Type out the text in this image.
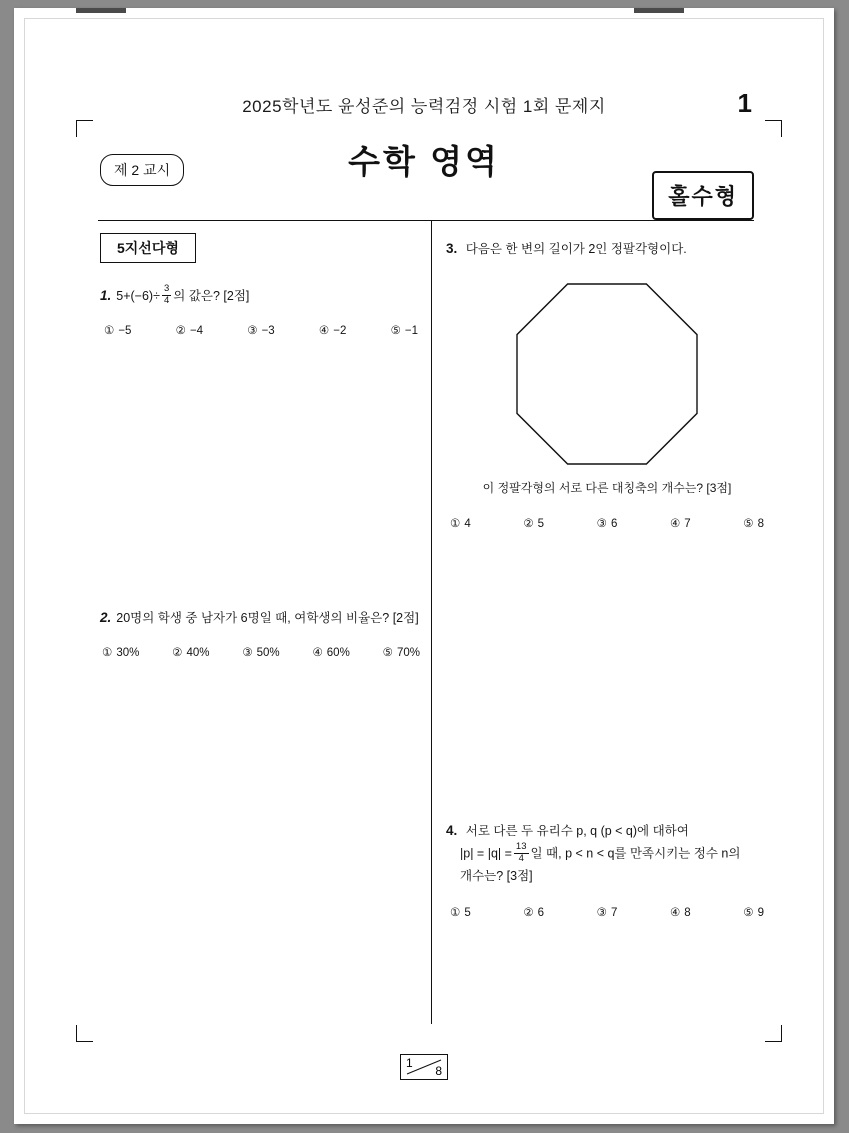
2025학년도 윤성준의 능력검정 시험 1회 문제지	1
수학 영역
제 2 교시
홀수형
5지선다형
1. $5+(-6)\div \frac{3}{4}$ 의 값은? [2점]
① −5	② −4	③ −3	④ −2	⑤ −1
2. 20명의 학생 중 남자가 6명일 때, 여학생의 비율은? [2점]
① 30%	② 40%	③ 50%	④ 60%	⑤ 70%
3. 다음은 한 변의 길이가 2인 정팔각형이다.
이 정팔각형의 서로 다른 대칭축의 개수는? [3점]
① 4	② 5	③ 6	④ 7	⑤ 8
4. 서로 다른 두 유리수 p, q (p < q)에 대하여
$|p| = |q| = \frac{13}{4}$ 일 때, p < n < q를 만족시키는 정수 n의
개수는? [3점]
① 5	② 6	③ 7	④ 8	⑤ 9
1
8
